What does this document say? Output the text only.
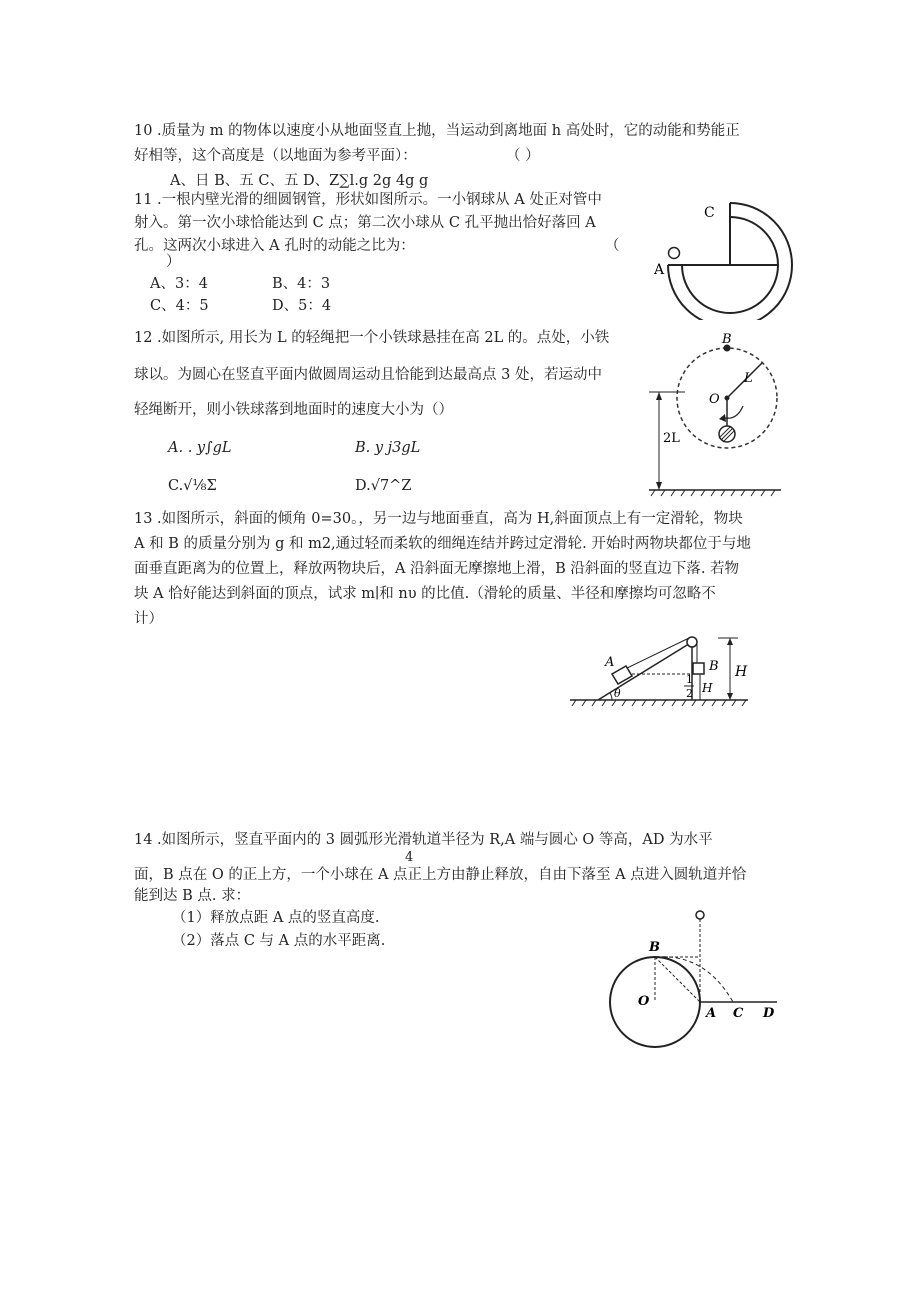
10 .质量为 m 的物体以速度小从地面竖直上抛，当运动到离地面 h 高处时，它的动能和势能正
好相等，这个高度是（以地面为参考平面）：	（ ）
A、日 B、五 C、五 D、Z∑l.g 2g 4g g
11 .一根内壁光滑的细圆钢管，形状如图所示。一小钢球从 A 处正对管中
射入。第一次小球恰能达到 C 点；第二次小球从 C 孔平抛出恰好落回 A
孔。这两次小球进入 A 孔时的动能之比为：	（
）
A、3：4	B、4：3
C、4：5	D、5：4
A
C
12 .如图所示, 用长为 L 的轻绳把一个小铁球悬挂在高 2L 的。点处，小铁
球以。为圆心在竖直平面内做圆周运动且恰能到达最高点 3 处，若运动中
轻绳断开，则小铁球落到地面时的速度大小为（）
A. . y∫gL	B. y j3gL
C.√⅛Σ	D.√7^Z
B
O
L
2L
13 .如图所示，斜面的倾角 0=30。，另一边与地面垂直，高为 H,斜面顶点上有一定滑轮，物块
A 和 B 的质量分别为 g 和 m2,通过轻而柔软的细绳连结并跨过定滑轮. 开始时两物块都位于与地
面垂直距离为的位置上，释放两物块后，A 沿斜面无摩擦地上滑，B 沿斜面的竖直边下落. 若物
块 A 恰好能达到斜面的顶点，试求 m∣和 nυ 的比值.（滑轮的质量、半径和摩擦均可忽略不
计）
A	B H
1
2 H
θ
14 .如图所示，竖直平面内的 3 圆弧形光滑轨道半径为 R,A 端与圆心 O 等高，AD 为水平
4
面，B 点在 O 的正上方，一个小球在 A 点正上方由静止释放，自由下落至 A 点进入圆轨道并恰
能到达 B 点. 求：
（1）释放点距 A 点的竖直高度.
（2）落点 C 与 A 点的水平距离.	B
O
A C D
